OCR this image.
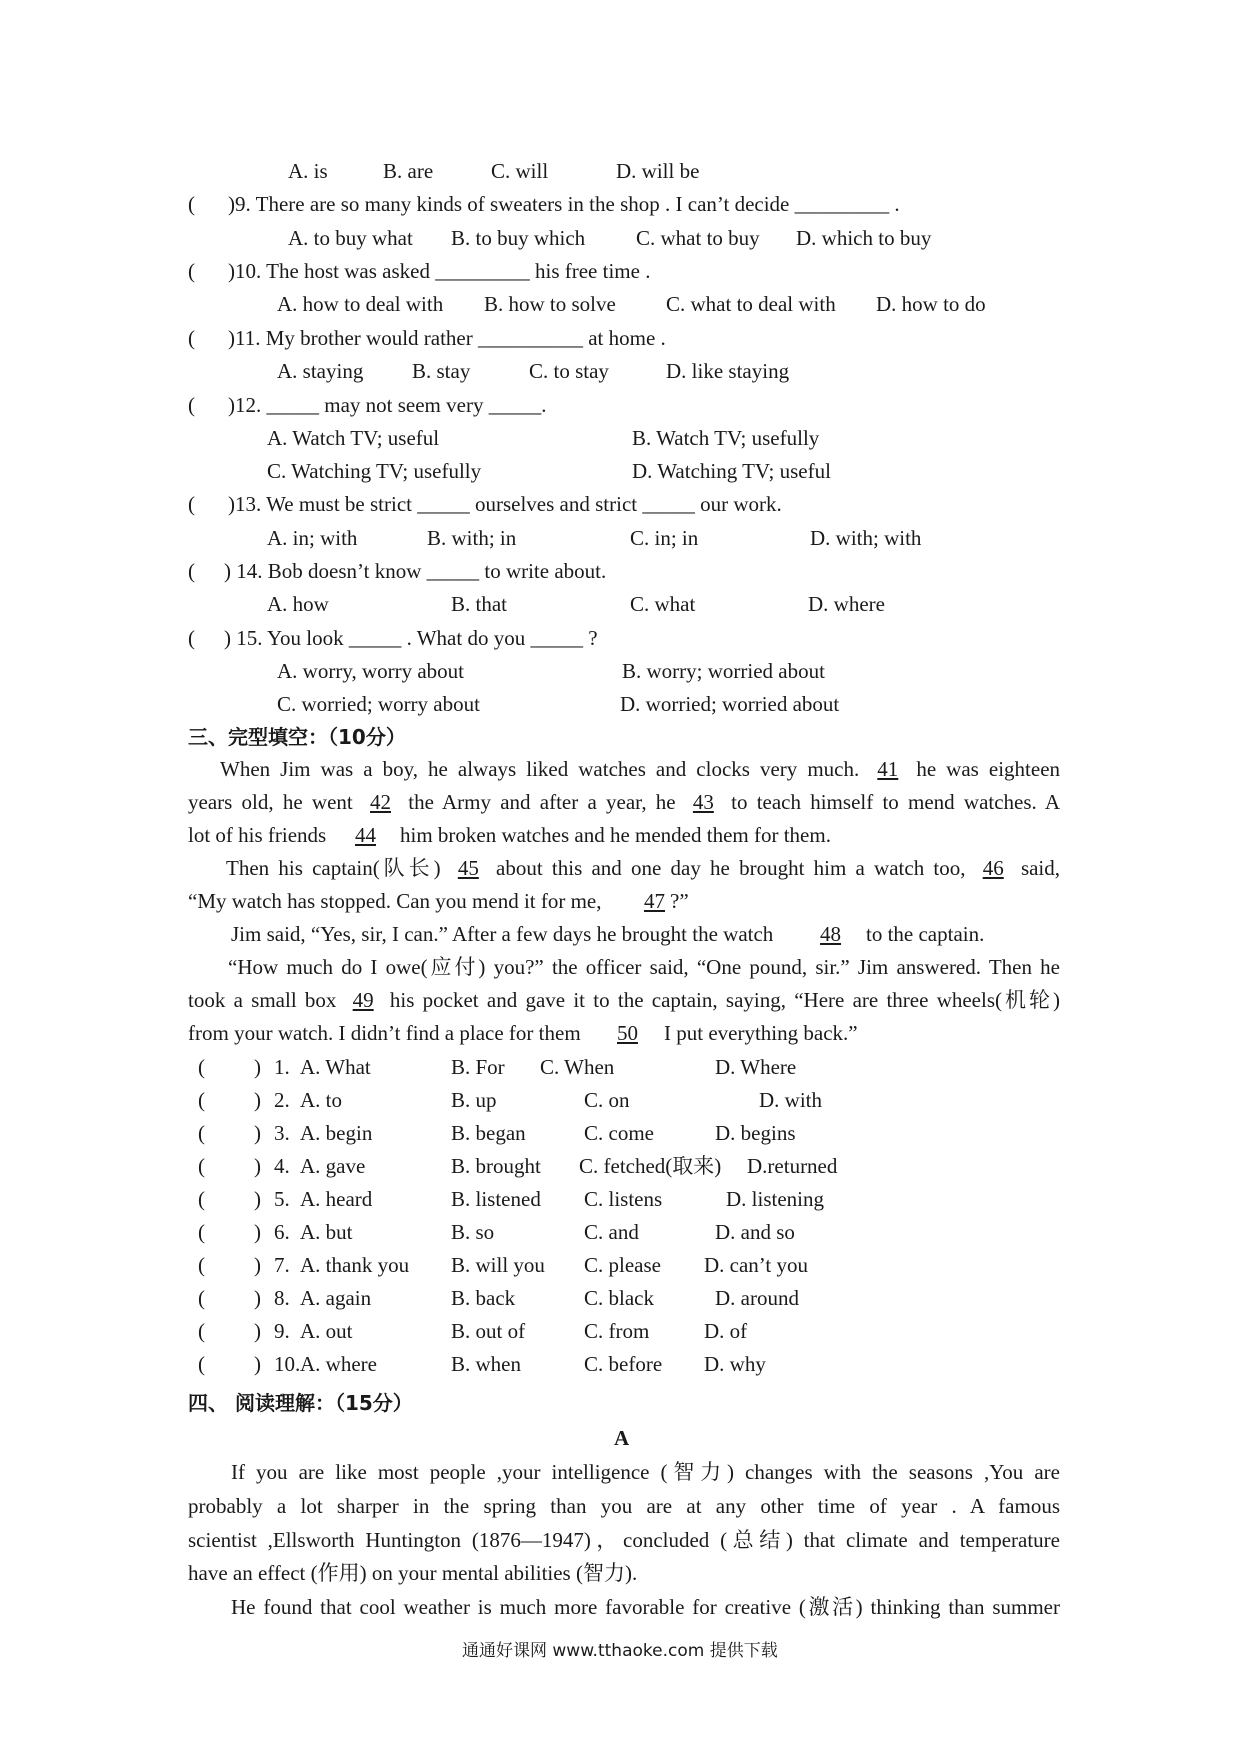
A. is	B. are	C. will	D. will be
( )9. There are so many kinds of sweaters in the shop . I can’t decide _________ .
A. to buy what B. to buy which C. what to buy D. which to buy
( )10. The host was asked _________ his free time .
A. how to deal with B. how to solve C. what to deal with D. how to do
( )11. My brother would rather __________ at home .
A. staying B. stay	C. to stay	D. like staying
( )12. _____ may not seem very _____.
A. Watch TV; useful	B. Watch TV; usefully
C. Watching TV; usefully	D. Watching TV; useful
( )13. We must be strict _____ ourselves and strict _____ our work.
A. in; with	B. with; in	C. in; in	D. with; with
( ) 14. Bob doesn’t know _____ to write about.
A. how	B. that	C. what	D. where
( ) 15. You look _____ . What do you _____ ?
A. worry, worry about	B. worry; worried about
C. worried; worry about	D. worried; worried about
三、完型填空：（10分）
When Jim was a boy, he always liked watches and clocks very much. 41 he was eighteen
years old, he went 42 the Army and after a year, he 43 to teach himself to mend watches. A
lot of his friends 44 him broken watches and he mended them for them.
Then his captain(队长) 45 about this and one day he brought him a watch too, 46 said,
“My watch has stopped. Can you mend it for me, 47 ?”
Jim said, “Yes, sir, I can.” After a few days he brought the watch 48 to the captain.
“How much do I owe(应付) you?” the officer said, “One pound, sir.” Jim answered. Then he
took a small box 49 his pocket and gave it to the captain, saying, “Here are three wheels(机轮)
from your watch. I didn’t find a place for them 50 I put everything back.”
( ) 1. A. What	B. For C. When	D. Where
( ) 2. A. to	B. up	C. on	D. with
( ) 3. A. begin	B. began	C. come	D. begins
( ) 4. A. gave	B. brought C. fetched(取来) D.returned
( ) 5. A. heard	B. listened C. listens	D. listening
( ) 6. A. but	B. so	C. and	D. and so
( ) 7. A. thank you B. will you C. please D. can’t you
( ) 8. A. again	B. back	C. black	D. around
( ) 9. A. out	B. out of	C. from	D. of
( ) 10. A. where	B. when	C. before D. why
四、 阅读理解：（15分）
A
If you are like most people ,your intelligence (智力) changes with the seasons ,You are
probably a lot sharper in the spring than you are at any other time of year . A famous
scientist ,Ellsworth Huntington (1876—1947)，concluded (总结) that climate and temperature
have an effect (作用) on your mental abilities (智力).
He found that cool weather is much more favorable for creative (激活) thinking than summer
通通好课网 www.tthaoke.com 提供下载
